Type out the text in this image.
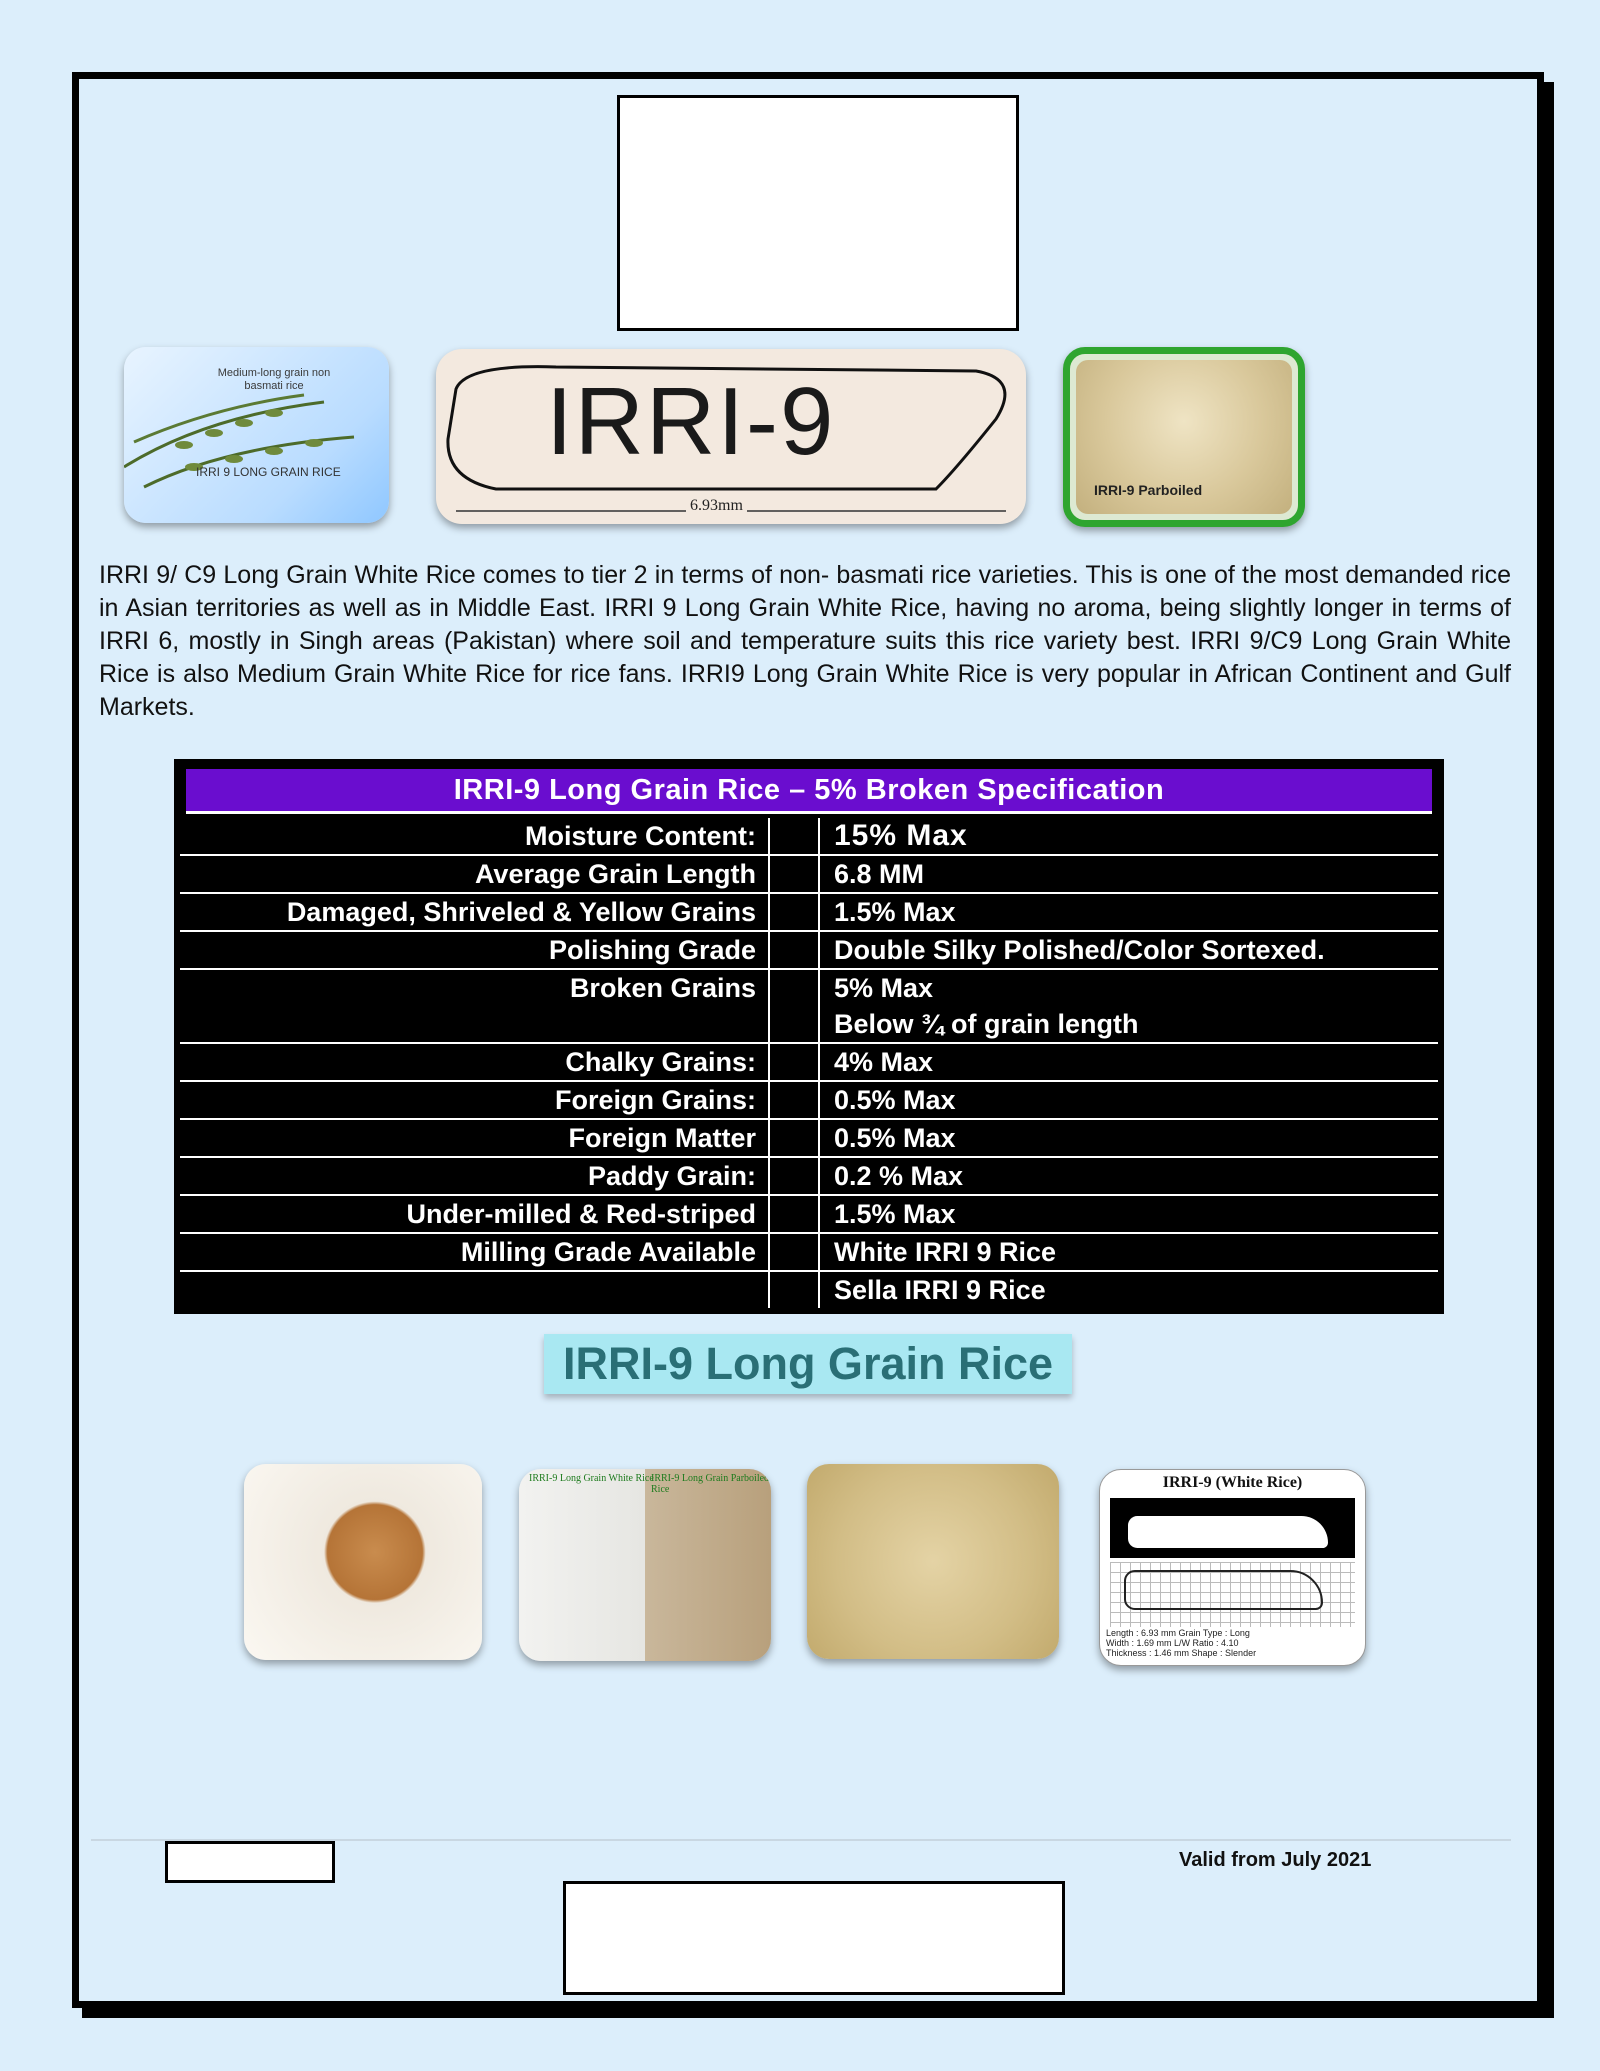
Medium-long grain non basmati rice
IRRI 9 LONG GRAIN RICE IRRI-9
6.93mm
IRRI-9 Parboiled
IRRI 9/ C9 Long Grain White Rice comes to tier 2 in terms of non- basmati rice varieties. This is one of the most demanded rice in Asian territories as well as in Middle East. IRRI 9 Long Grain White Rice, having no aroma, being slightly longer in terms of IRRI 6, mostly in Singh areas (Pakistan) where soil and temperature suits this rice variety best. IRRI 9/C9 Long Grain White Rice is also Medium Grain White Rice for rice fans. IRRI9 Long Grain White Rice is very popular in African Continent and Gulf Markets.
IRRI-9 Long Grain Rice – 5% Broken Specification
Moisture Content:	15% Max
Average Grain Length	6.8 MM
Damaged, Shriveled & Yellow Grains	1.5% Max
Polishing Grade	Double Silky Polished/Color Sortexed.
Broken Grains	5% Max
Below ¾ of grain length
Chalky Grains:	4% Max
Foreign Grains:	0.5% Max
Foreign Matter	0.5% Max
Paddy Grain:	0.2 % Max
Under-milled & Red-striped	1.5% Max
Milling Grade Available	White IRRI 9 Rice
Sella IRRI 9 Rice
IRRI-9 Long Grain Rice
IRRI-9 Long Grain White Rice
IRRI-9 Long Grain Parboiled Rice	IRRI-9 (White Rice)
Length : 6.93 mm Grain Type : Long
Width : 1.69 mm L/W Ratio : 4.10
Thickness : 1.46 mm Shape : Slender
Valid from July 2021
